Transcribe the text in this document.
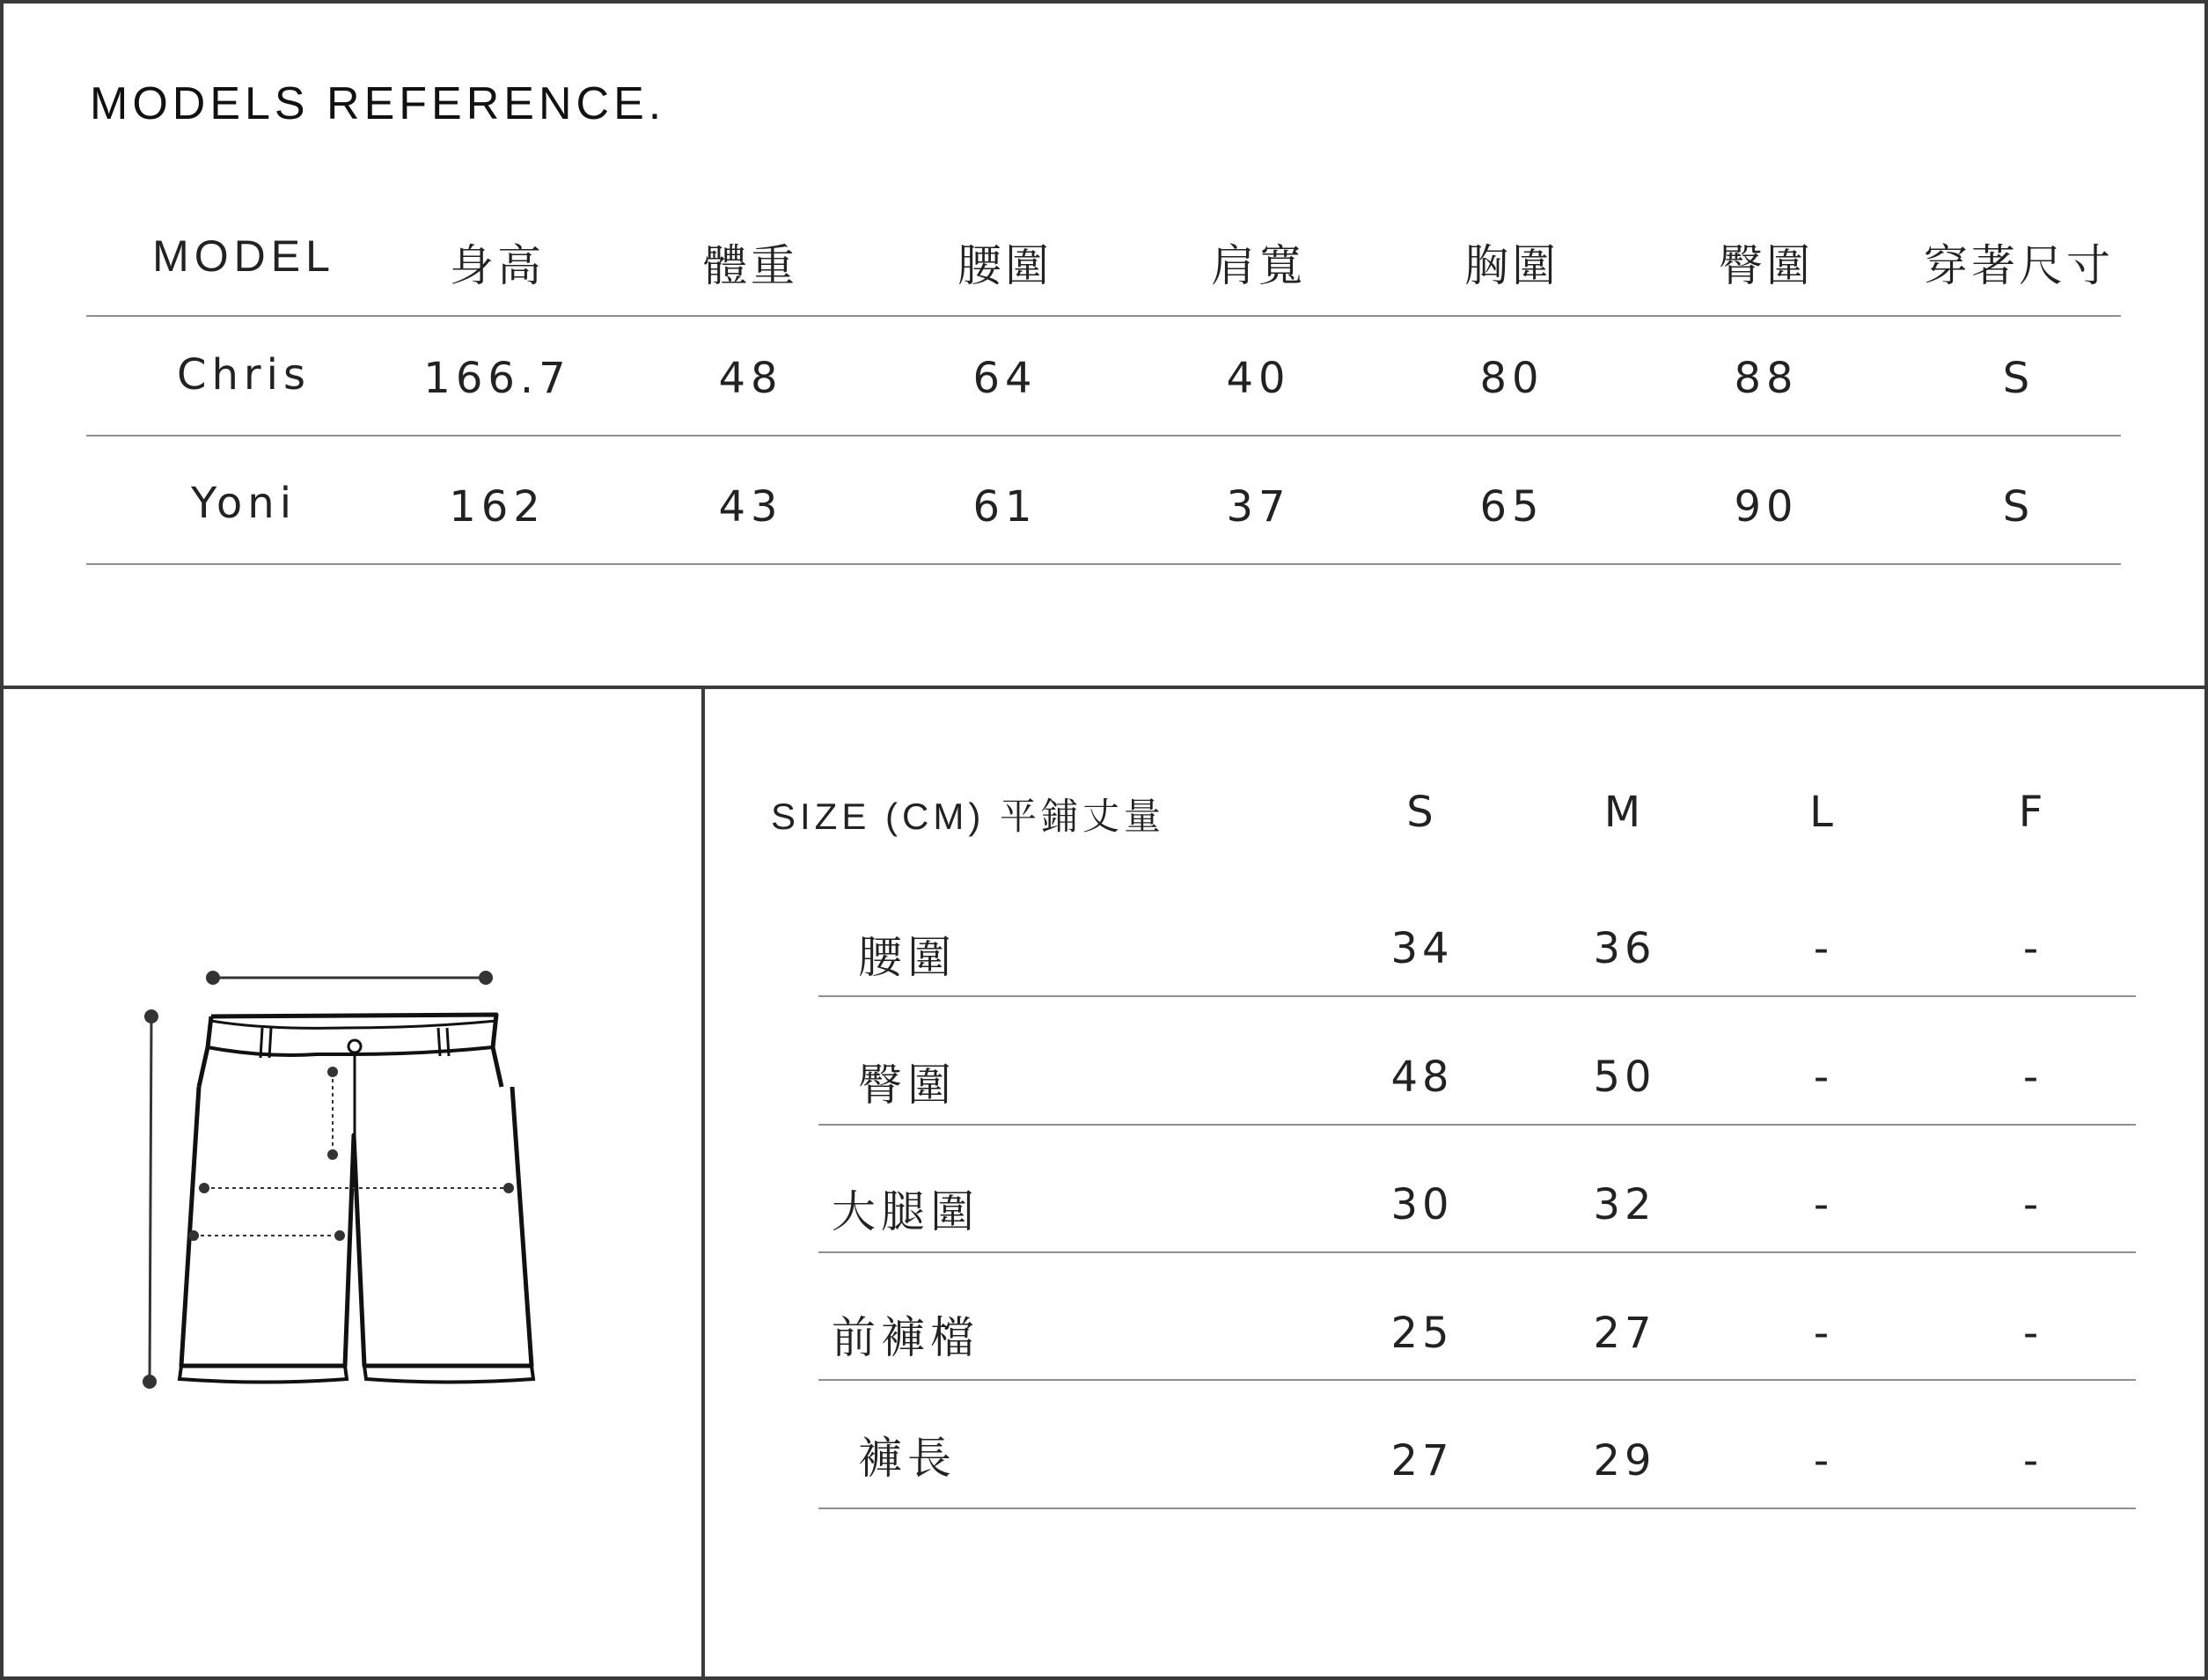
MODELS REFERENCE.
MODEL	身高	體重	腰圍	肩寬	胸圍	臀圍	穿著尺寸
Chris	166.7	48	64	40	80	88	S
Yoni	162	43	61	37	65	90	S
SIZE (CM) 平鋪丈量	S	M	L	F
腰圍	34	36	-	-
臀圍	48	50	-	-
大腿圍	30	32	-	-
前褲檔	25	27	-	-
褲長	27	29	-	-
